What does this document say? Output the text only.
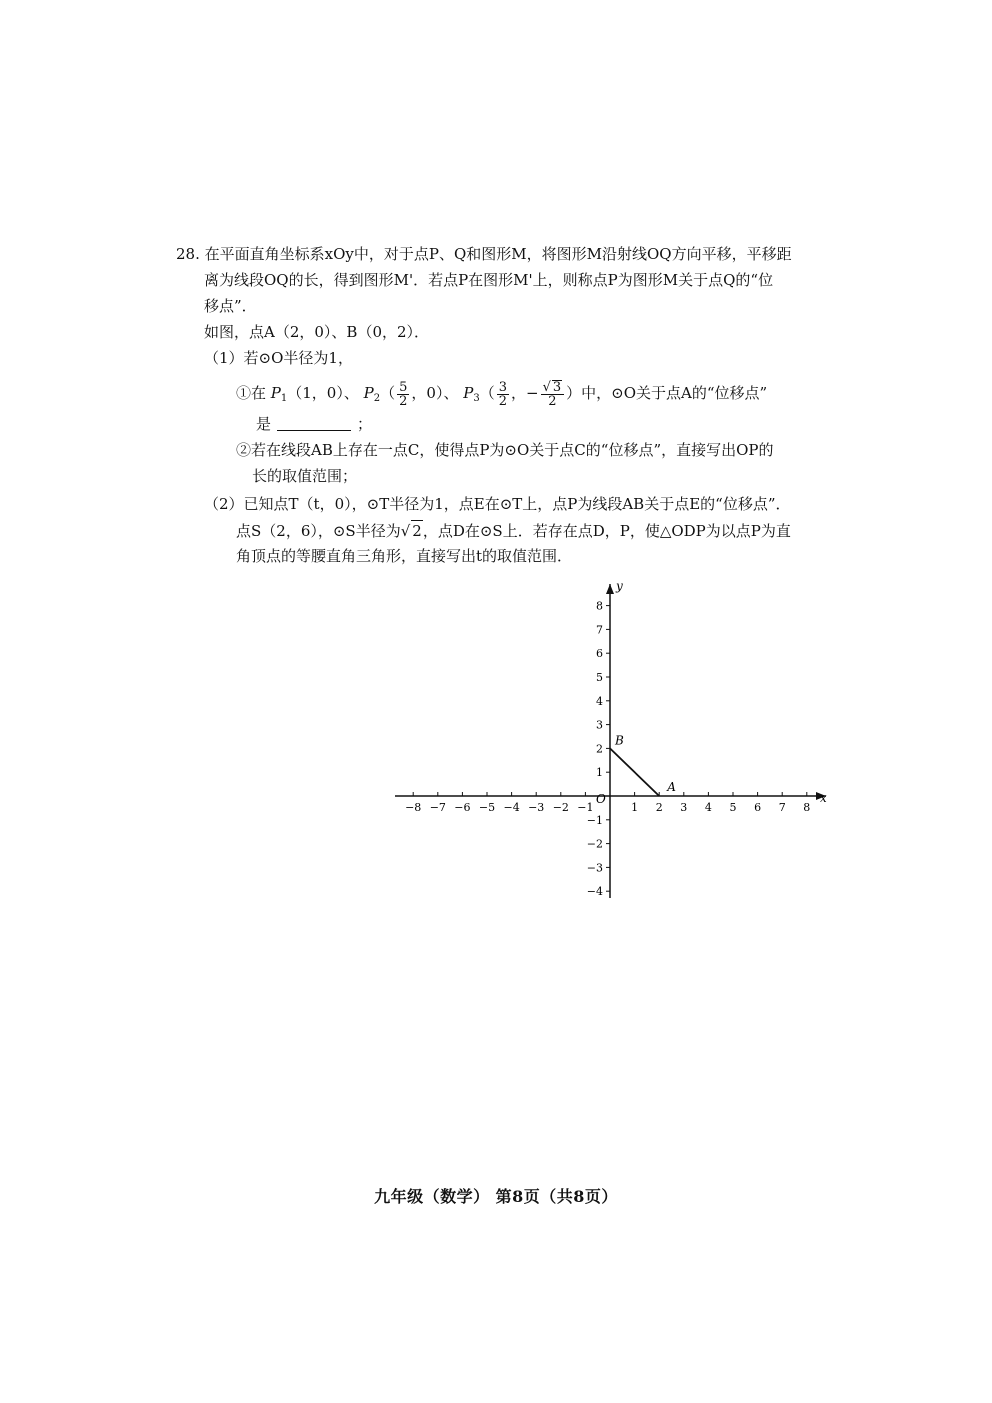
28. 在平面直角坐标系xOy中，对于点P、Q和图形M，将图形M沿射线OQ方向平移，平移距
离为线段OQ的长，得到图形M'．若点P在图形M'上，则称点P为图形M关于点Q的“位
移点”．
如图，点A（2，0）、B（0，2）．
（1）若⊙O半径为1，
①在 $P_1(1$，0）、 $P_2( \frac{5}{2}$ ，0）、 $P_3( \frac{3}{2}$ ，− $\frac{√ 3}{2}$ ）中，⊙O关于点A的“位移点”
是	；
②若在线段AB上存在一点C，使得点P为⊙O关于点C的“位移点”，直接写出OP的
长的取值范围；
（2）已知点T（t，0），⊙T半径为1，点E在⊙T上，点P为线段AB关于点E的“位移点”．
点S（2，6），⊙S半径为√ 2，点D在⊙S上．若存在点D，P，使△ODP为以点P为直
角顶点的等腰直角三角形，直接写出t的取值范围．
x
y
O
−8 −7 −6 −5 −4 −3 −2 −1	1 2 3 4 5 6 7 8
−4
−3
−2
−1
1
2
3
4
5
6
7
8
A
B
九年级（数学） 第8页（共8页）
